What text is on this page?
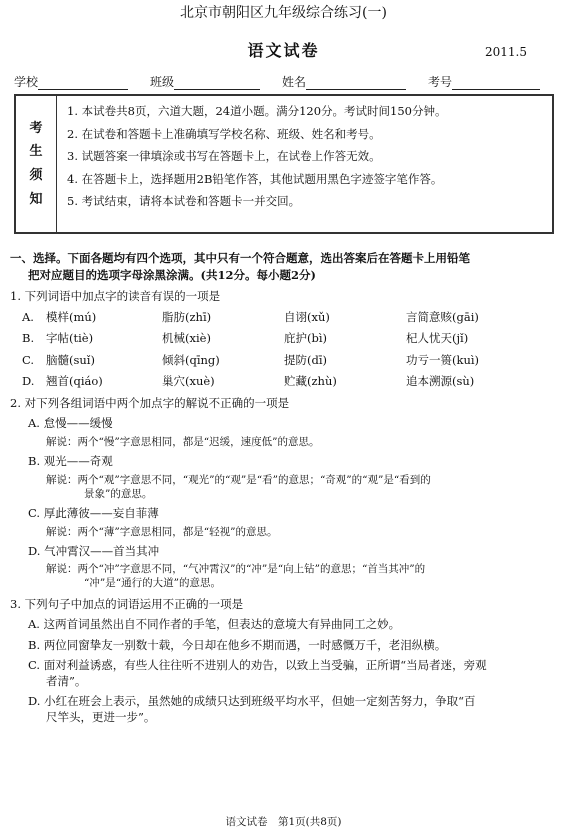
北京市朝阳区九年级综合练习(一)
语文试卷	2011.5
学校	班级	姓名	考号
考
生
须
知
1. 本试卷共8页，六道大题，24道小题。满分120分。考试时间150分钟。
2. 在试卷和答题卡上准确填写学校名称、班级、姓名和考号。
3. 试题答案一律填涂或书写在答题卡上，在试卷上作答无效。
4. 在答题卡上，选择题用2B铅笔作答，其他试题用黑色字迹签字笔作答。
5. 考试结束，请将本试卷和答题卡一并交回。
一、选择。下面各题均有四个选项，其中只有一个符合题意，选出答案后在答题卡上用铅笔
把对应题目的选项字母涂黑涂满。(共12分。每小题2分)
1. 下列词语中加点字的读音有误的一项是
A.	模样(mú)	脂肪(zhī)	自诩(xǔ)	言简意赅(gāi)
B.	字帖(tiè)	机械(xiè)	庇护(bì)	杞人忧天(jǐ)
C.	脑髓(suǐ)	倾斜(qīng)	提防(dī)	功亏一篑(kuì)
D.	翘首(qiáo)	巢穴(xuè)	贮藏(zhù)	追本溯源(sù)
2. 对下列各组词语中两个加点字的解说不正确的一项是
A. 怠慢——缓慢
解说：两个“慢”字意思相同，都是“迟缓，速度低”的意思。
B. 观光——奇观
解说：两个“观”字意思不同，“观光”的“观”是“看”的意思；“奇观”的“观”是“看到的
景象”的意思。
C. 厚此薄彼——妄自菲薄
解说：两个“薄”字意思相同，都是“轻视”的意思。
D. 气冲霄汉——首当其冲
解说：两个“冲”字意思不同，“气冲霄汉”的“冲”是“向上钻”的意思；“首当其冲”的
“冲”是“通行的大道”的意思。
3. 下列句子中加点的词语运用不正确的一项是
A. 这两首词虽然出自不同作者的手笔，但表达的意境大有异曲同工之妙。
B. 两位同窗挚友一别数十载，今日却在他乡不期而遇，一时感慨万千，老泪纵横。
C. 面对利益诱惑，有些人往往听不进别人的劝告，以致上当受骗，正所谓“当局者迷，旁观
者清”。
D. 小红在班会上表示，虽然她的成绩只达到班级平均水平，但她一定刻苦努力，争取“百
尺竿头，更进一步”。
语文试卷　第1页(共8页)
